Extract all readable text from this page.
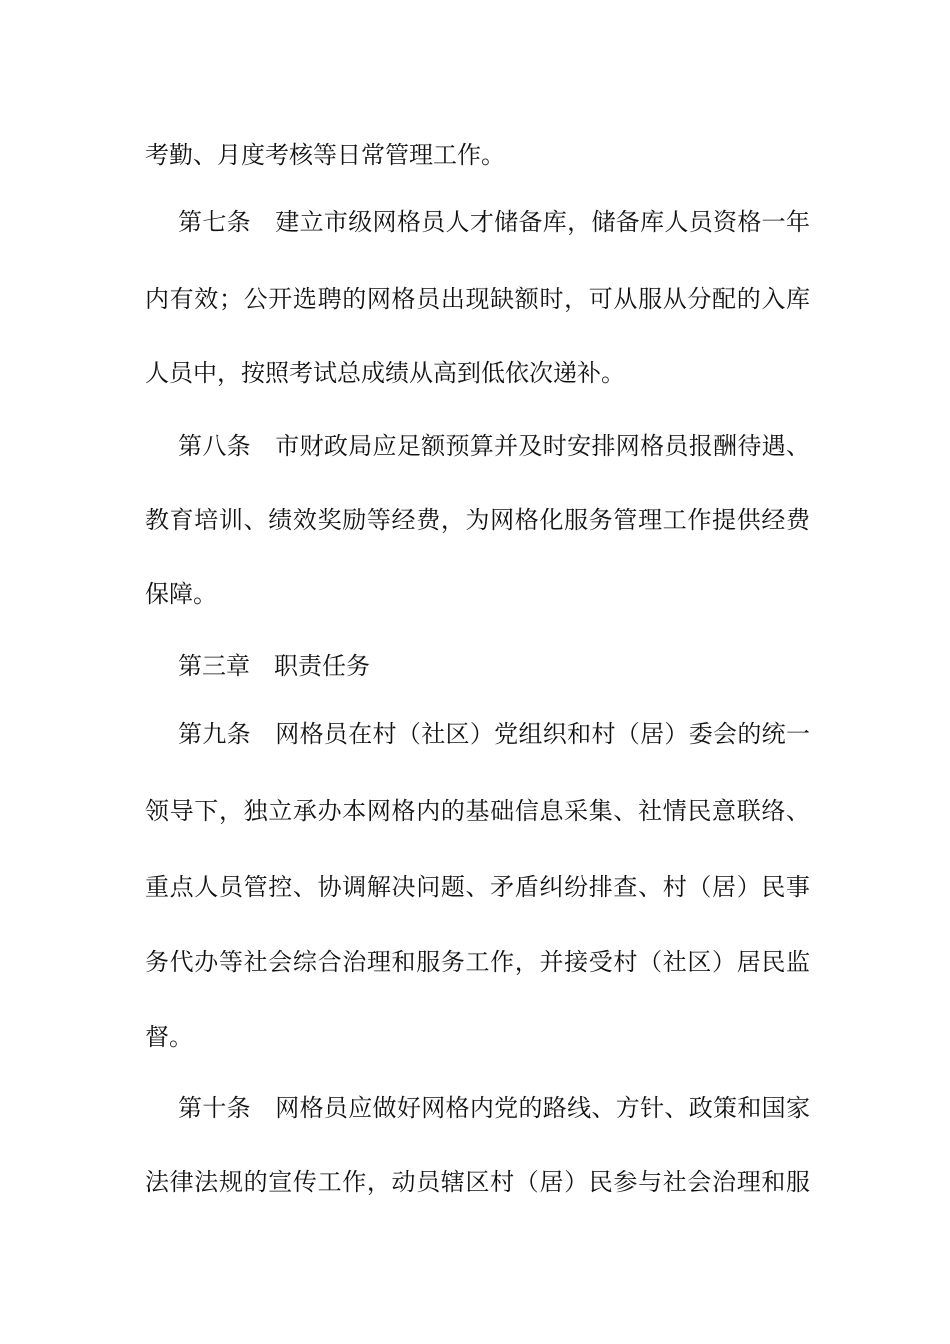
考勤、月度考核等日常管理工作。
第七条　建立市级网格员人才储备库，储备库人员资格一年
内有效；公开选聘的网格员出现缺额时，可从服从分配的入库
人员中，按照考试总成绩从高到低依次递补。
第八条　市财政局应足额预算并及时安排网格员报酬待遇、
教育培训、绩效奖励等经费，为网格化服务管理工作提供经费
保障。
第三章　职责任务
第九条　网格员在村（社区）党组织和村（居）委会的统一
领导下，独立承办本网格内的基础信息采集、社情民意联络、
重点人员管控、协调解决问题、矛盾纠纷排查、村（居）民事
务代办等社会综合治理和服务工作，并接受村（社区）居民监
督。
第十条　网格员应做好网格内党的路线、方针、政策和国家
法律法规的宣传工作，动员辖区村（居）民参与社会治理和服
